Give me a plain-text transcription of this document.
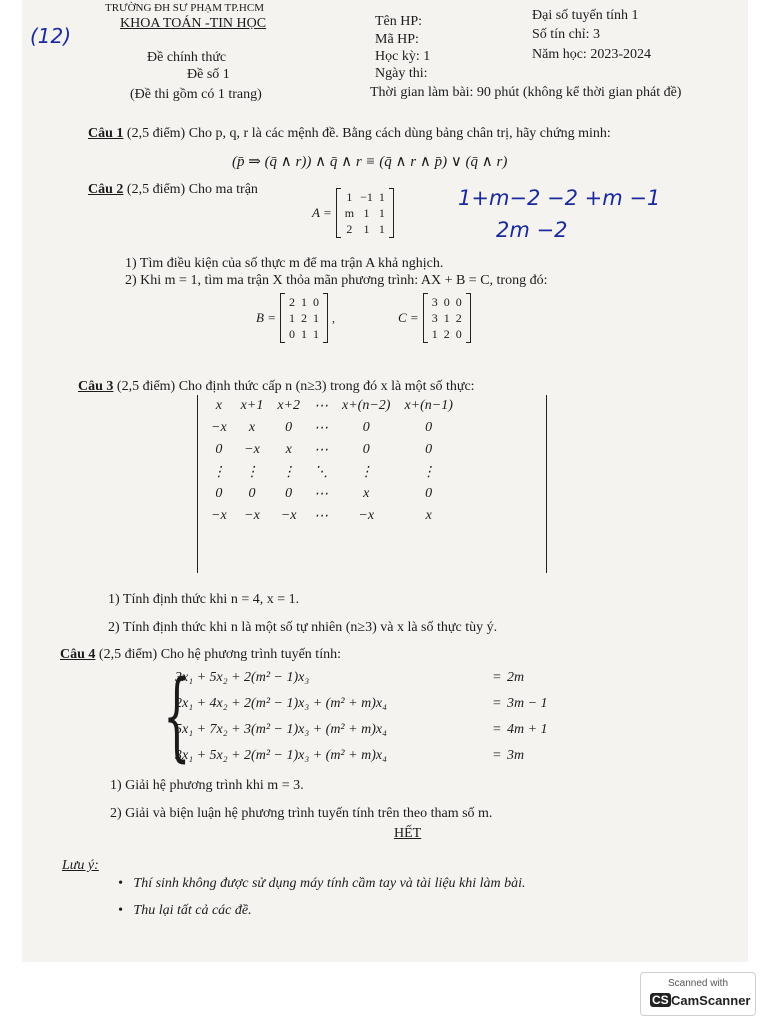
(12)
TRƯỜNG ĐH SƯ PHẠM TP.HCM
KHOA TOÁN -TIN HỌC
Đề chính thức
Đề số 1
(Đề thi gồm có 1 trang)
Tên HP:	Đại số tuyến tính 1
Mã HP:	Số tín chỉ: 3
Học kỳ: 1	Năm học: 2023-2024
Ngày thi:
Thời gian làm bài: 90 phút (không kể thời gian phát đề)
Câu 1 (2,5 điểm) Cho p, q, r là các mệnh đề. Bằng cách dùng bảng chân trị, hãy chứng minh:
(p̄ ⇒ (q̄ ∧ r)) ∧ q̄ ∧ r ≡ (q̄ ∧ r ∧ p̄) ∨ (q̄ ∧ r)
Câu 2 (2,5 điểm) Cho ma trận
A =
1 −1 1
m 1 1
2 1 1
1+m−2 −2 +m −1
2m −2
1) Tìm điều kiện của số thực m để ma trận A khả nghịch.
2) Khi m = 1, tìm ma trận X thỏa mãn phương trình: AX + B = C, trong đó:
B =
2 1 0
1 2 1
0 1 1
,	C =
3 0 0
3 1 2
1 2 0
Câu 3 (2,5 điểm) Cho định thức cấp n (n≥3) trong đó x là một số thực:
x	x+1	x+2	⋯	x+(n−2)	x+(n−1)
−x	x	0	⋯	0	0
0	−x	x	⋯	0	0
⋮	⋮	⋮	⋱	⋮	⋮
0	0	0	⋯	x	0
−x	−x	−x	⋯	−x	x
1) Tính định thức khi n = 4, x = 1.
2) Tính định thức khi n là một số tự nhiên (n≥3) và x là số thực tùy ý.
Câu 4 (2,5 điểm) Cho hệ phương trình tuyến tính:
{
3x₁ + 5x₂ + 2(m² − 1)x₃	= 2m
2x₁ + 4x₂ + 2(m² − 1)x₃ + (m² + m)x₄	= 3m − 1
5x₁ + 7x₂ + 3(m² − 1)x₃ + (m² + m)x₄	= 4m + 1
3x₁ + 5x₂ + 2(m² − 1)x₃ + (m² + m)x₄	= 3m
1) Giải hệ phương trình khi m = 3.
2) Giải và biện luận hệ phương trình tuyến tính trên theo tham số m.
HẾT
Lưu ý:
•   Thí sinh không được sử dụng máy tính cầm tay và tài liệu khi làm bài.
•   Thu lại tất cả các đề.
Scanned with
CS CamScanner
